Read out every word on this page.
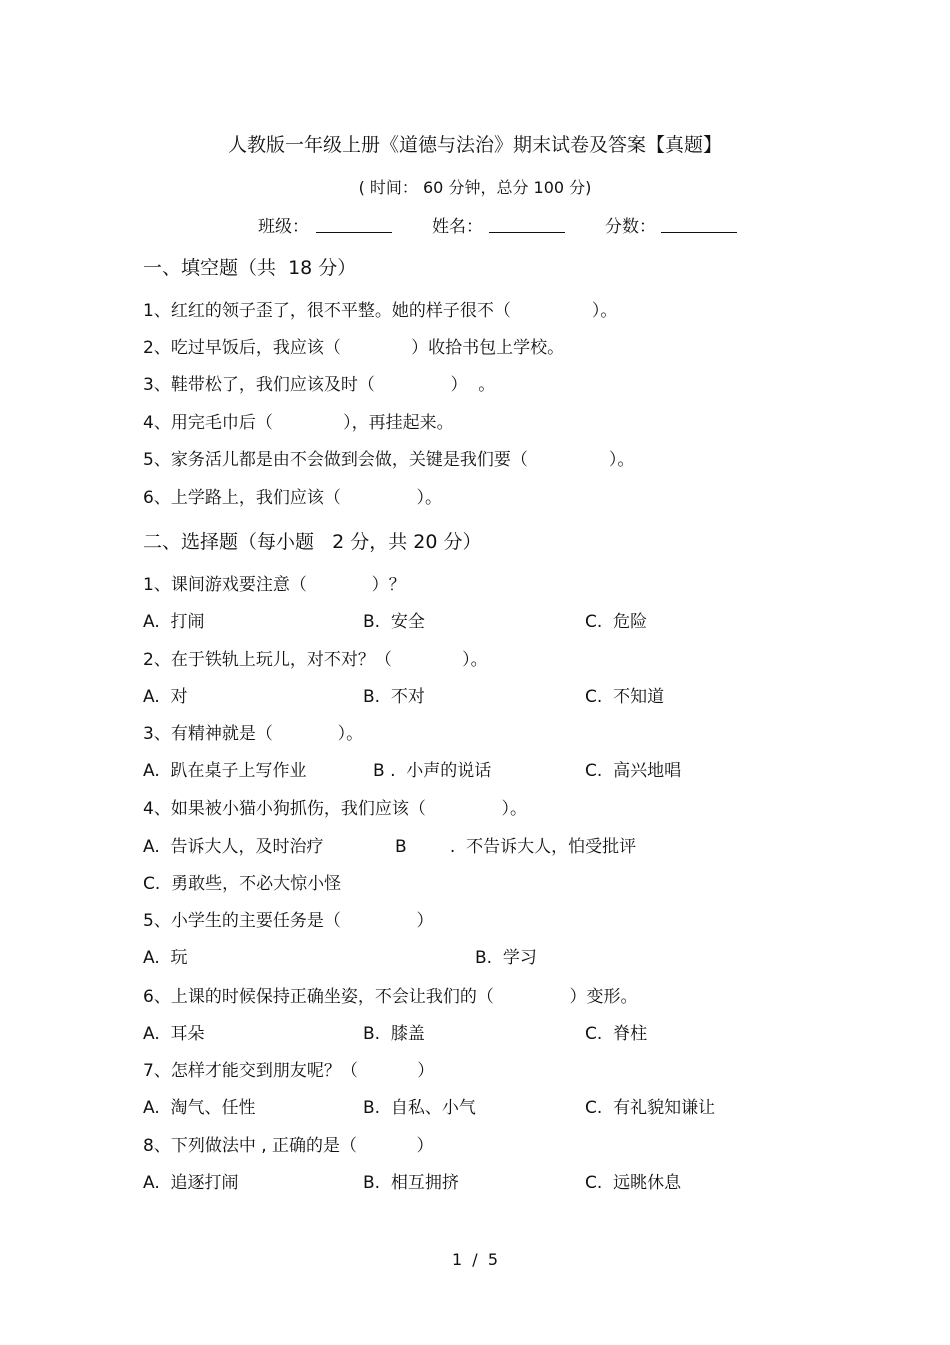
人教版一年级上册《道德与法治》期末试卷及答案【真题】
( 时间： 60 分钟，总分 100 分)
班级：	姓名：	分数：
一、填空题（共  18 分）
1、红红的领子歪了，很不平整。她的样子很不（               ）。
2、吃过早饭后，我应该（             ）收拾书包上学校。
3、鞋带松了，我们应该及时（              ）  。
4、用完毛巾后（             ），再挂起来。
5、家务活儿都是由不会做到会做，关键是我们要（               ）。
6、上学路上，我们应该（              ）。
二、选择题（每小题   2 分，共 20 分）
1、课间游戏要注意（            ）？
A.  打闹	B.  安全	C.  危险
2、在于铁轨上玩儿，对不对？（             ）。
A.  对	B.  不对	C.  不知道
3、有精神就是（            ）。
A.  趴在桌子上写作业	B .  小声的说话	C.  高兴地唱
4、如果被小猫小狗抓伤，我们应该（              ）。
A.  告诉大人，及时治疗	B        .  不告诉大人，怕受批评
C.  勇敢些，不必大惊小怪
5、小学生的主要任务是（              ）
A.  玩	B.  学习
6、上课的时候保持正确坐姿，不会让我们的（              ）变形。
A.  耳朵	B.  膝盖	C.  脊柱
7、怎样才能交到朋友呢？（           ）
A.  淘气、任性	B.  自私、小气	C.  有礼貌知谦让
8、下列做法中 , 正确的是（           ）
A.  追逐打闹	B.  相互拥挤	C.  远眺休息
1  /  5
